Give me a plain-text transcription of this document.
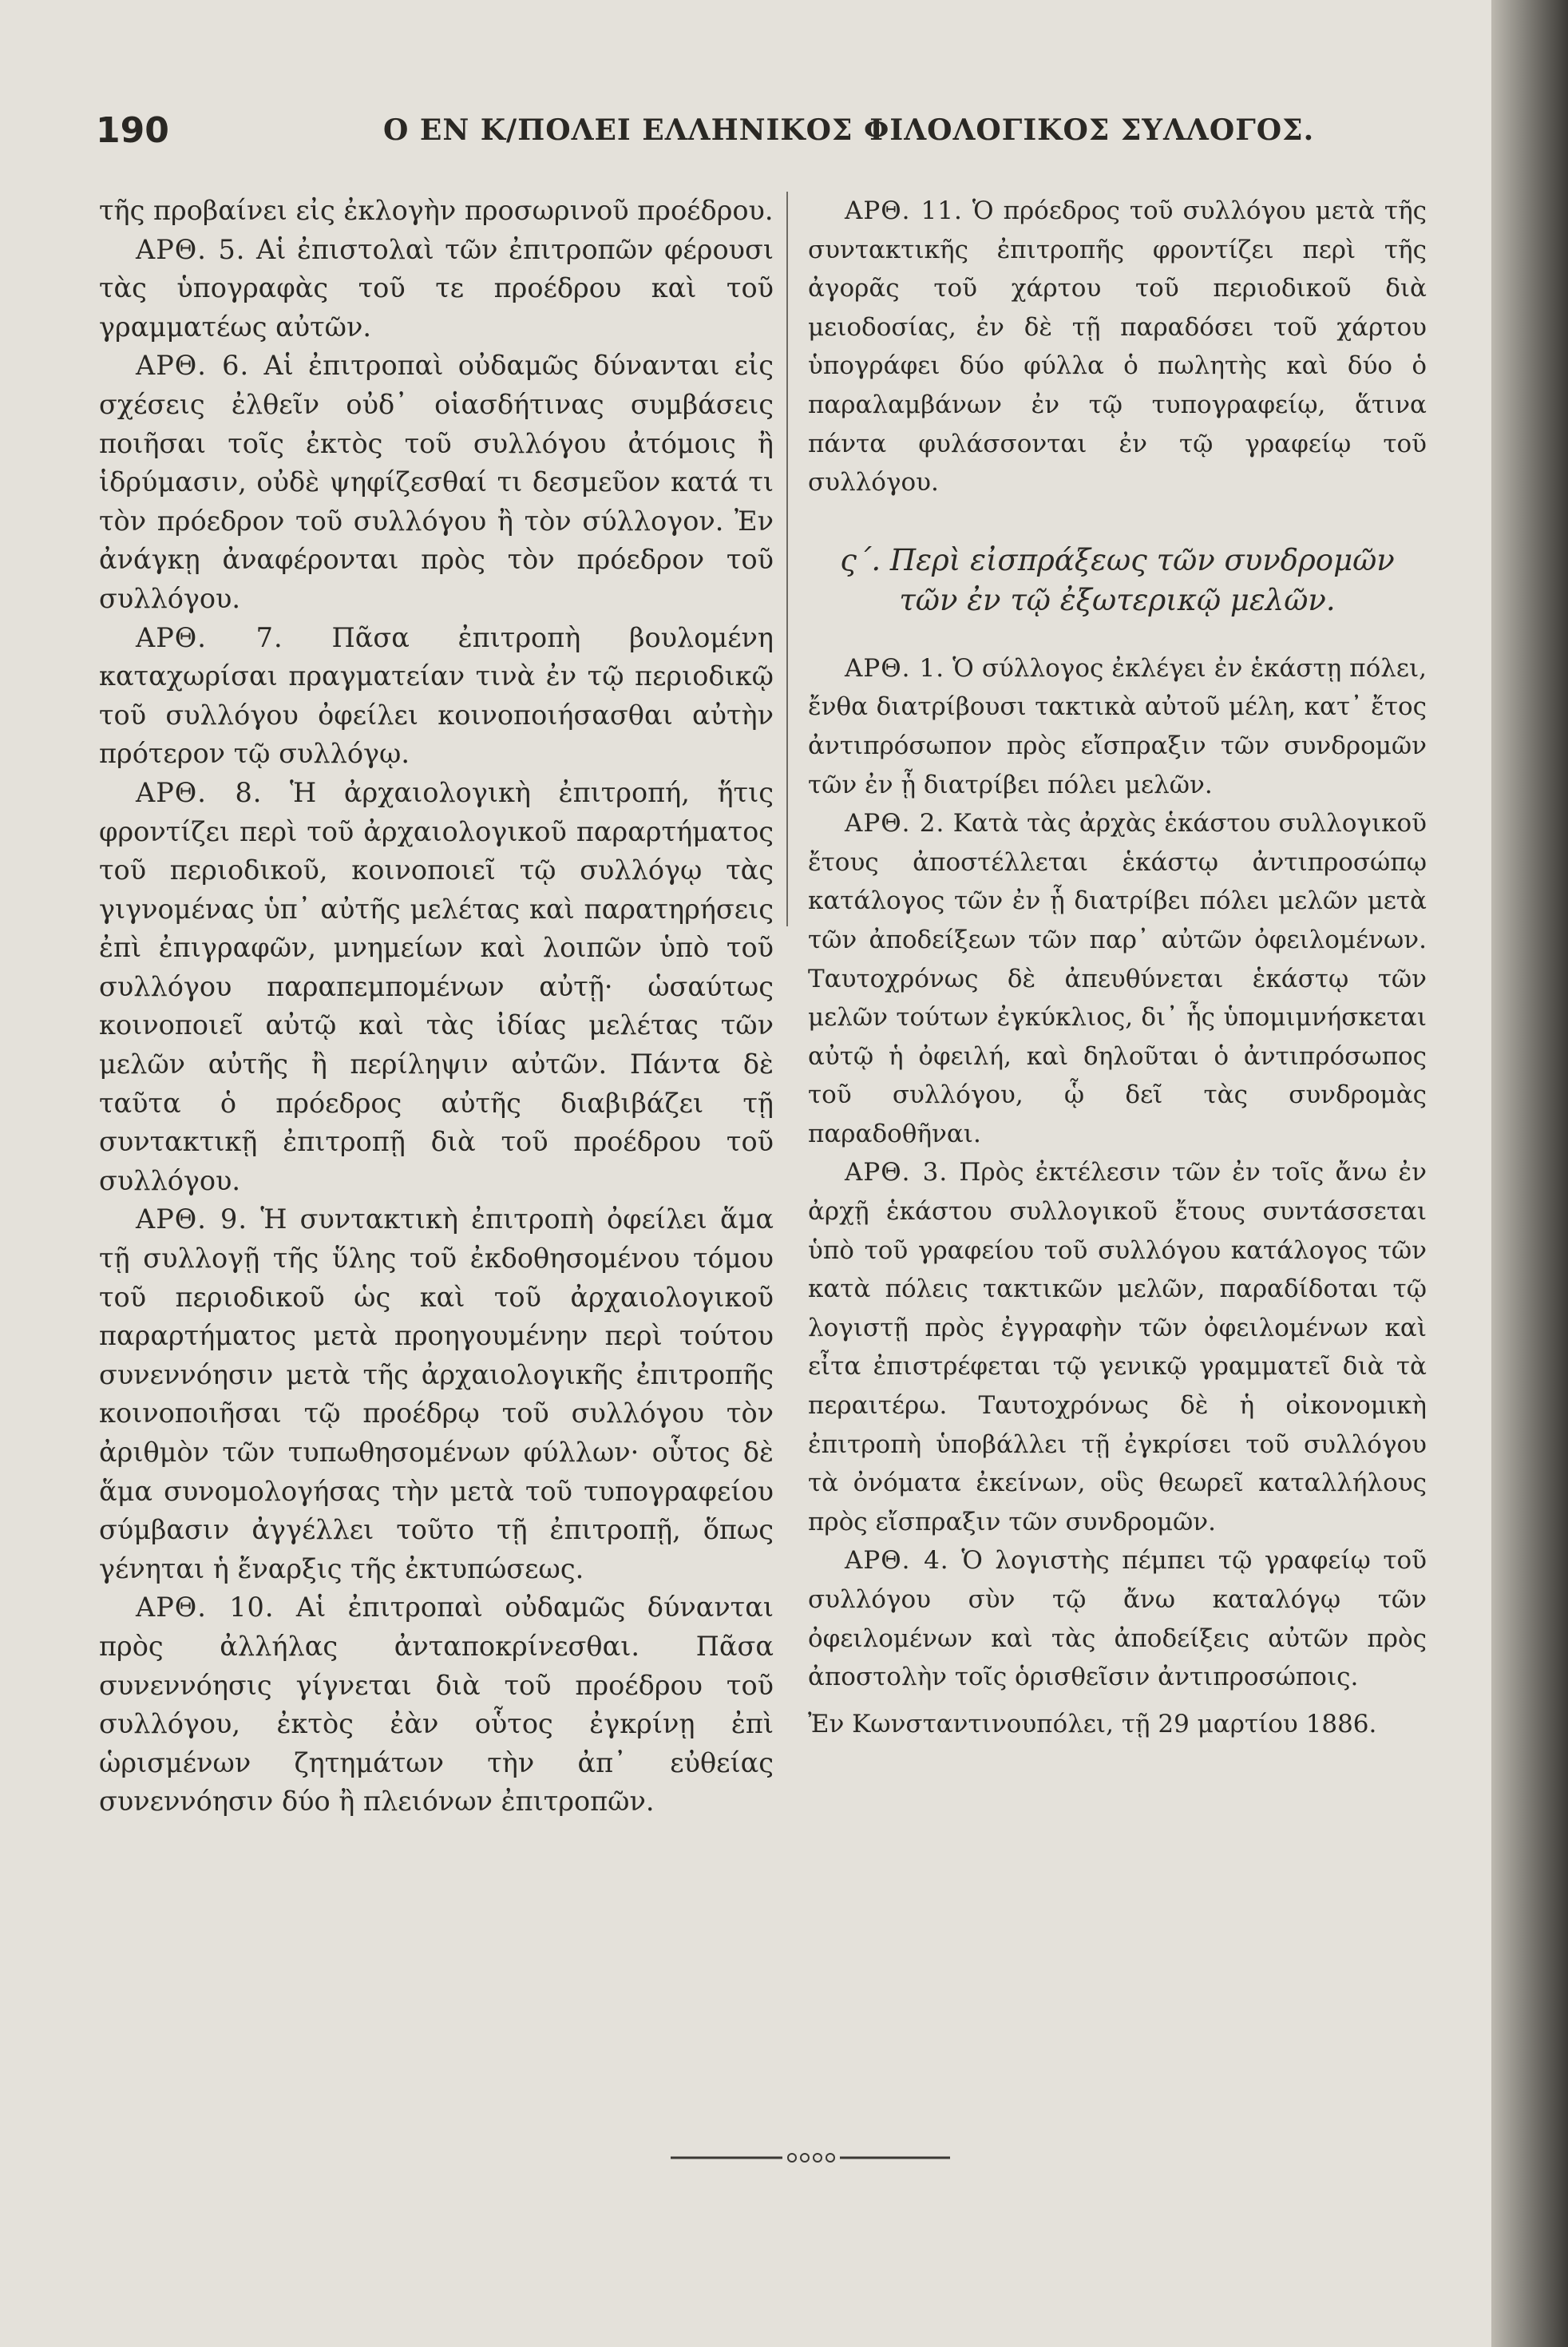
190	Ο ΕΝ Κ/ΠΟΛΕΙ ΕΛΛΗΝΙΚΟΣ ΦΙΛΟΛΟΓΙΚΟΣ ΣΥΛΛΟΓΟΣ.

τῆς προβαίνει εἰς ἐκλογὴν προσωρινοῦ προέδρου.

ΑΡΘ. 5. Αἱ ἐπιστολαὶ τῶν ἐπιτροπῶν φέρουσι τὰς ὑπογραφὰς τοῦ τε προέδρου καὶ τοῦ γραμματέως αὐτῶν.

ΑΡΘ. 6. Αἱ ἐπιτροπαὶ οὐδαμῶς δύνανται εἰς σχέσεις ἐλθεῖν οὐδ᾽ οἱασδήτινας συμβάσεις ποιῆσαι τοῖς ἐκτὸς τοῦ συλλόγου ἀτόμοις ἢ ἱδρύμασιν, οὐδὲ ψηφίζεσθαί τι δεσμεῦον κατά τι τὸν πρόεδρον τοῦ συλλόγου ἢ τὸν σύλλογον. Ἐν ἀνάγκῃ ἀναφέρονται πρὸς τὸν πρόεδρον τοῦ συλλόγου.

ΑΡΘ. 7. Πᾶσα ἐπιτροπὴ βουλομένη καταχωρίσαι πραγματείαν τινὰ ἐν τῷ περιοδικῷ τοῦ συλλόγου ὀφείλει κοινοποιήσασθαι αὐτὴν πρότερον τῷ συλλόγῳ.

ΑΡΘ. 8. Ἡ ἀρχαιολογικὴ ἐπιτροπή, ἥτις φροντίζει περὶ τοῦ ἀρχαιολογικοῦ παραρτήματος τοῦ περιοδικοῦ, κοινοποιεῖ τῷ συλλόγῳ τὰς γιγνομένας ὑπ᾽ αὐτῆς μελέτας καὶ παρατηρήσεις ἐπὶ ἐπιγραφῶν, μνημείων καὶ λοιπῶν ὑπὸ τοῦ συλλόγου παραπεμπομένων αὐτῇ· ὡσαύτως κοινοποιεῖ αὐτῷ καὶ τὰς ἰδίας μελέτας τῶν μελῶν αὐτῆς ἢ περίληψιν αὐτῶν. Πάντα δὲ ταῦτα ὁ πρόεδρος αὐτῆς διαβιβάζει τῇ συντακτικῇ ἐπιτροπῇ διὰ τοῦ προέδρου τοῦ συλλόγου.

ΑΡΘ. 9. Ἡ συντακτικὴ ἐπιτροπὴ ὀφείλει ἅμα τῇ συλλογῇ τῆς ὕλης τοῦ ἐκδοθησομένου τόμου τοῦ περιοδικοῦ ὡς καὶ τοῦ ἀρχαιολογικοῦ παραρτήματος μετὰ προηγουμένην περὶ τούτου συνεννόησιν μετὰ τῆς ἀρχαιολογικῆς ἐπιτροπῆς κοινοποιῆσαι τῷ προέδρῳ τοῦ συλλόγου τὸν ἀριθμὸν τῶν τυπωθησομένων φύλλων· οὗτος δὲ ἅμα συνομολογήσας τὴν μετὰ τοῦ τυπογραφείου σύμβασιν ἀγγέλλει τοῦτο τῇ ἐπιτροπῇ, ὅπως γένηται ἡ ἔναρξις τῆς ἐκτυπώσεως.

ΑΡΘ. 10. Αἱ ἐπιτροπαὶ οὐδαμῶς δύνανται πρὸς ἀλλήλας ἀνταποκρίνεσθαι. Πᾶσα συνεννόησις γίγνεται διὰ τοῦ προέδρου τοῦ συλλόγου, ἐκτὸς ἐὰν οὗτος ἐγκρίνῃ ἐπὶ ὡρισμένων ζητημάτων τὴν ἀπ᾽ εὐθείας συνεννόησιν δύο ἢ πλειόνων ἐπιτροπῶν.

ΑΡΘ. 11. Ὁ πρόεδρος τοῦ συλλόγου μετὰ τῆς συντακτικῆς ἐπιτροπῆς φροντίζει περὶ τῆς ἀγορᾶς τοῦ χάρτου τοῦ περιοδικοῦ διὰ μειοδοσίας, ἐν δὲ τῇ παραδόσει τοῦ χάρτου ὑπογράφει δύο φύλλα ὁ πωλητὴς καὶ δύο ὁ παραλαμβάνων ἐν τῷ τυπογραφείῳ, ἅτινα πάντα φυλάσσονται ἐν τῷ γραφείῳ τοῦ συλλόγου.

ς΄. Περὶ εἰσπράξεως τῶν συνδρομῶν
τῶν ἐν τῷ ἐξωτερικῷ μελῶν.

ΑΡΘ. 1. Ὁ σύλλογος ἐκλέγει ἐν ἑκάστῃ πόλει, ἔνθα διατρίβουσι τακτικὰ αὐτοῦ μέλη, κατ᾽ ἔτος ἀντιπρόσωπον πρὸς εἴσπραξιν τῶν συνδρομῶν τῶν ἐν ᾗ διατρίβει πόλει μελῶν.

ΑΡΘ. 2. Κατὰ τὰς ἀρχὰς ἑκάστου συλλογικοῦ ἔτους ἀποστέλλεται ἑκάστῳ ἀντιπροσώπῳ κατάλογος τῶν ἐν ᾗ διατρίβει πόλει μελῶν μετὰ τῶν ἀποδείξεων τῶν παρ᾽ αὐτῶν ὀφειλομένων. Ταυτοχρόνως δὲ ἀπευθύνεται ἑκάστῳ τῶν μελῶν τούτων ἐγκύκλιος, δι᾽ ἧς ὑπομιμνήσκεται αὐτῷ ἡ ὀφειλή, καὶ δηλοῦται ὁ ἀντιπρόσωπος τοῦ συλλόγου, ᾧ δεῖ τὰς συνδρομὰς παραδοθῆναι.

ΑΡΘ. 3. Πρὸς ἐκτέλεσιν τῶν ἐν τοῖς ἄνω ἐν ἀρχῇ ἑκάστου συλλογικοῦ ἔτους συντάσσεται ὑπὸ τοῦ γραφείου τοῦ συλλόγου κατάλογος τῶν κατὰ πόλεις τακτικῶν μελῶν, παραδίδοται τῷ λογιστῇ πρὸς ἐγγραφὴν τῶν ὀφειλομένων καὶ εἶτα ἐπιστρέφεται τῷ γενικῷ γραμματεῖ διὰ τὰ περαιτέρω. Ταυτοχρόνως δὲ ἡ οἰκονομικὴ ἐπιτροπὴ ὑποβάλλει τῇ ἐγκρίσει τοῦ συλλόγου τὰ ὀνόματα ἐκείνων, οὓς θεωρεῖ καταλλήλους πρὸς εἴσπραξιν τῶν συνδρομῶν.

ΑΡΘ. 4. Ὁ λογιστὴς πέμπει τῷ γραφείῳ τοῦ συλλόγου σὺν τῷ ἄνω καταλόγῳ τῶν ὀφειλομένων καὶ τὰς ἀποδείξεις αὐτῶν πρὸς ἀποστολὴν τοῖς ὁρισθεῖσιν ἀντιπροσώποις.

Ἐν Κωνσταντινουπόλει, τῇ 29 μαρτίου 1886.
